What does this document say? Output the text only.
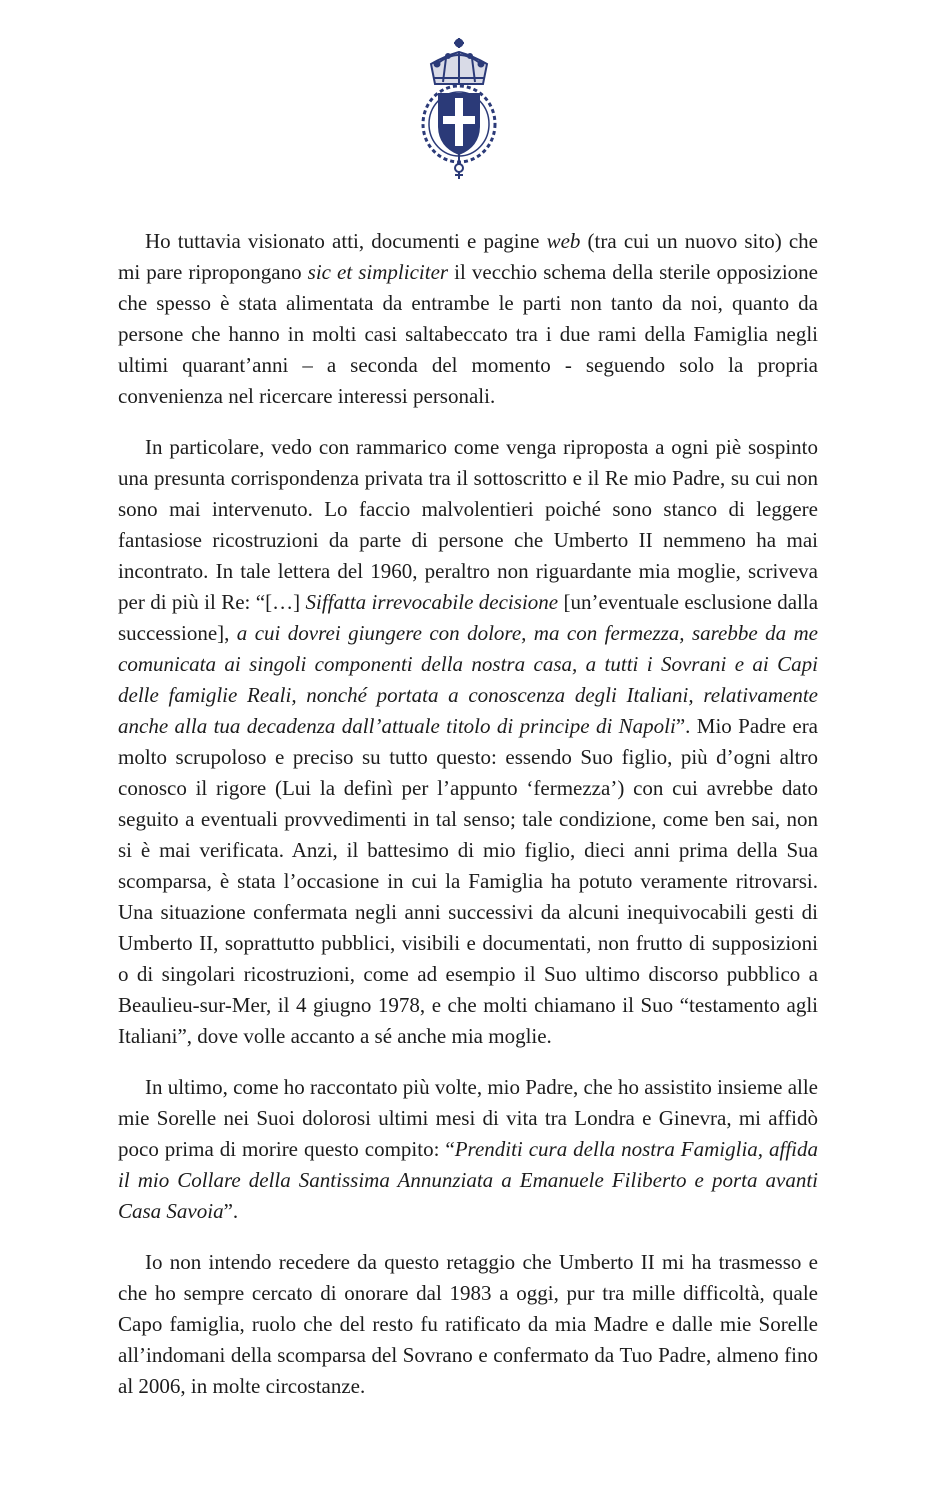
Ho tuttavia visionato atti, documenti e pagine web (tra cui un nuovo sito) che mi pare ripropongano sic et simpliciter il vecchio schema della sterile opposizione che spesso è stata alimentata da entrambe le parti non tanto da noi, quanto da persone che hanno in molti casi saltabeccato tra i due rami della Famiglia negli ultimi quarant’anni – a seconda del momento - seguendo solo la propria convenienza nel ricercare interessi personali.

In particolare, vedo con rammarico come venga riproposta a ogni piè sospinto una presunta corrispondenza privata tra il sottoscritto e il Re mio Padre, su cui non sono mai intervenuto. Lo faccio malvolentieri poiché sono stanco di leggere fantasiose ricostruzioni da parte di persone che Umberto II nemmeno ha mai incontrato. In tale lettera del 1960, peraltro non riguardante mia moglie, scriveva per di più il Re: “[…] Siffatta irrevocabile decisione [un’eventuale esclusione dalla successione], a cui dovrei giungere con dolore, ma con fermezza, sarebbe da me comunicata ai singoli componenti della nostra casa, a tutti i Sovrani e ai Capi delle famiglie Reali, nonché portata a conoscenza degli Italiani, relativamente anche alla tua decadenza dall’attuale titolo di principe di Napoli”. Mio Padre era molto scrupoloso e preciso su tutto questo: essendo Suo figlio, più d’ogni altro conosco il rigore (Lui la definì per l’appunto ‘fermezza’) con cui avrebbe dato seguito a eventuali provvedimenti in tal senso; tale condizione, come ben sai, non si è mai verificata. Anzi, il battesimo di mio figlio, dieci anni prima della Sua scomparsa, è stata l’occasione in cui la Famiglia ha potuto veramente ritrovarsi. Una situazione confermata negli anni successivi da alcuni inequivocabili gesti di Umberto II, soprattutto pubblici, visibili e documentati, non frutto di supposizioni o di singolari ricostruzioni, come ad esempio il Suo ultimo discorso pubblico a Beaulieu-sur-Mer, il 4 giugno 1978, e che molti chiamano il Suo “testamento agli Italiani”, dove volle accanto a sé anche mia moglie.

In ultimo, come ho raccontato più volte, mio Padre, che ho assistito insieme alle mie Sorelle nei Suoi dolorosi ultimi mesi di vita tra Londra e Ginevra, mi affidò poco prima di morire questo compito: “Prenditi cura della nostra Famiglia, affida il mio Collare della Santissima Annunziata a Emanuele Filiberto e porta avanti Casa Savoia”.

Io non intendo recedere da questo retaggio che Umberto II mi ha trasmesso e che ho sempre cercato di onorare dal 1983 a oggi, pur tra mille difficoltà, quale Capo famiglia, ruolo che del resto fu ratificato da mia Madre e dalle mie Sorelle all’indomani della scomparsa del Sovrano e confermato da Tuo Padre, almeno fino al 2006, in molte circostanze.
